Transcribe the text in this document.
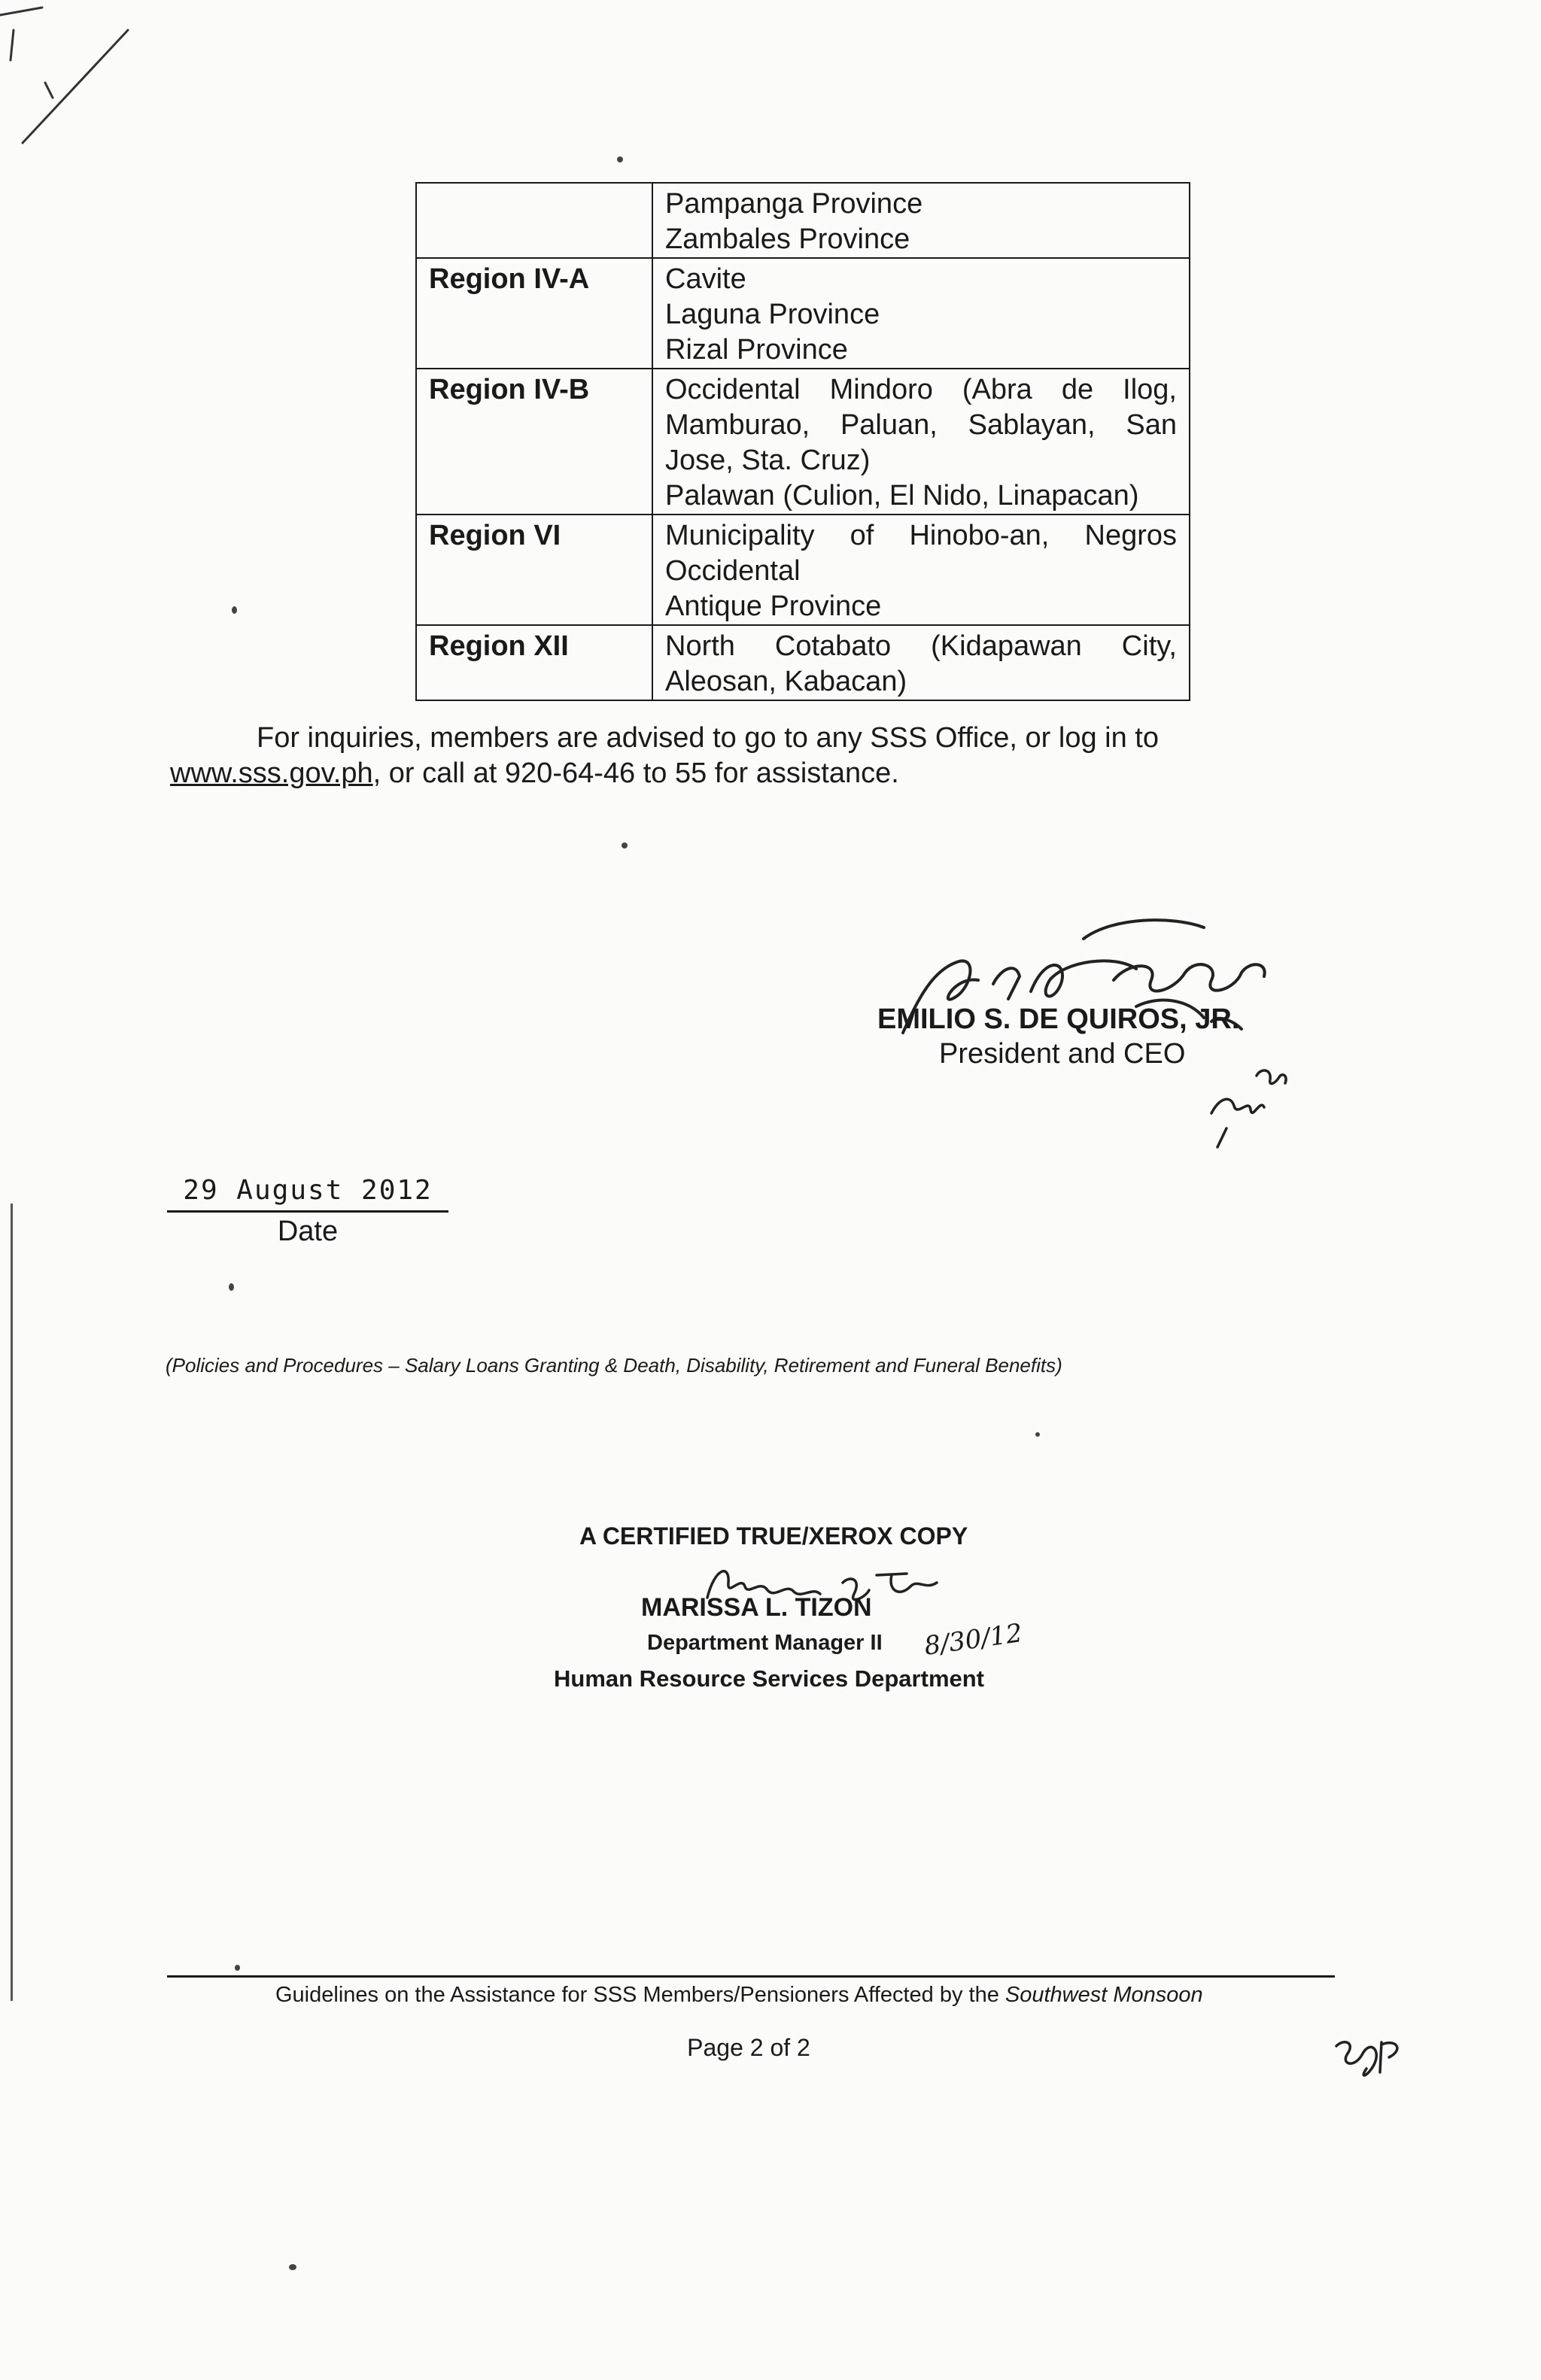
	Pampanga Province
Zambales Province

Region IV-A	Cavite
Laguna Province
Rizal Province

Region IV-B	Occidental Mindoro (Abra de Ilog, Mamburao, Paluan, Sablayan, San Jose, Sta. Cruz)
Palawan (Culion, El Nido, Linapacan)

Region VI	Municipality of Hinobo-an, Negros Occidental
Antique Province

Region XII	North Cotabato (Kidapawan City, Aleosan, Kabacan)
For inquiries, members are advised to go to any SSS Office, or log in to
www.sss.gov.ph, or call at 920-64-46 to 55 for assistance.
EMILIO S. DE QUIROS, JR.
President and CEO
29 August 2012
Date
(Policies and Procedures – Salary Loans Granting & Death, Disability, Retirement and Funeral Benefits)
A CERTIFIED TRUE/XEROX COPY
MARISSA L. TIZON
Department Manager II
Human Resource Services Department
8/30/12
Guidelines on the Assistance for SSS Members/Pensioners Affected by the Southwest Monsoon
Page 2 of 2
